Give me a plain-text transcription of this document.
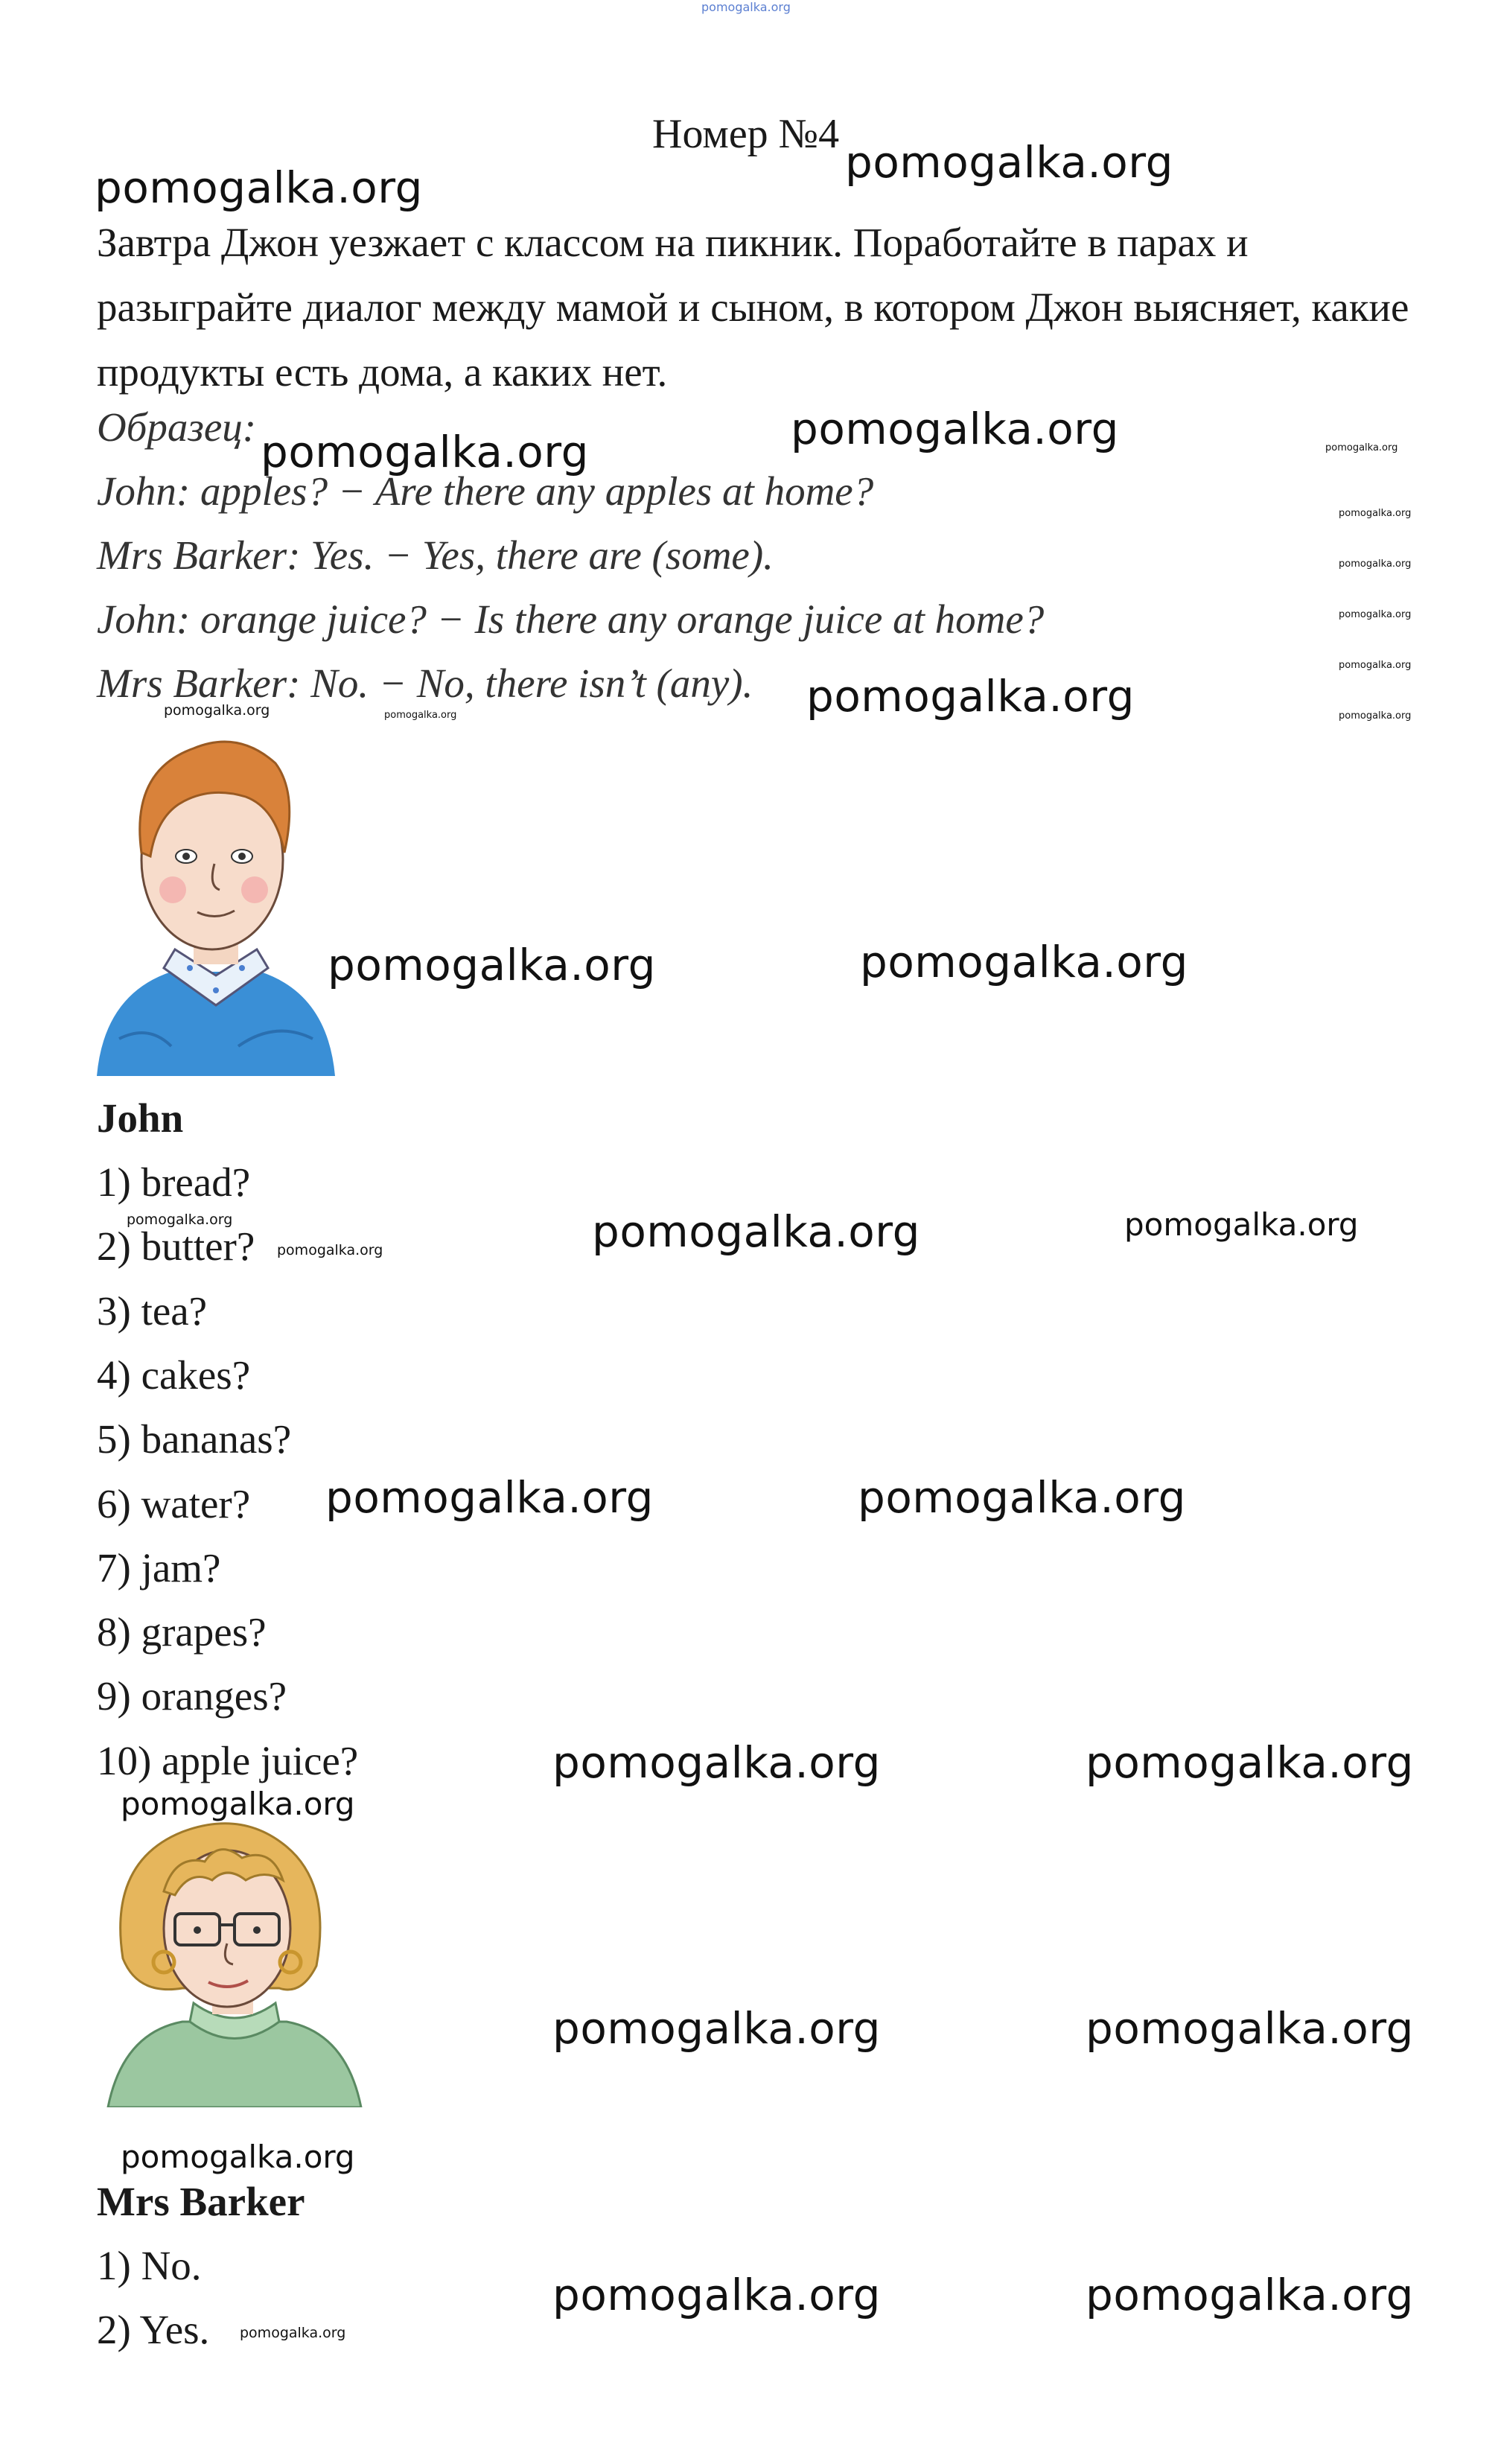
pomogalka.org
Номер №4

Завтра Джон уезжает с классом на пикник. Поработайте в парах и разыграйте диалог между мамой и сыном, в котором Джон выясняет, какие продукты есть дома, а каких нет.

Образец:
John: apples? − Are there any apples at home?
Mrs Barker: Yes. − Yes, there are (some).
John: orange juice? − Is there any orange juice at home?
Mrs Barker: No. − No, there isn’t (any).
John
1) bread?
2) butter?
3) tea?
4) cakes?
5) bananas?
6) water?
7) jam?
8) grapes?
9) oranges?
10) apple juice?
Mrs Barker
1) No.
2) Yes.
pomogalka.org	pomogalka.org
pomogalka.org	pomogalka.org
pomogalka.org
pomogalka.org	pomogalka.org
pomogalka.org
pomogalka.org	pomogalka.org
pomogalka.org	pomogalka.org
pomogalka.org	pomogalka.org
pomogalka.org	pomogalka.org
pomogalka.org
pomogalka.org
pomogalka.org
pomogalka.org
pomogalka.org
pomogalka.org
pomogalka.org
pomogalka.org
pomogalka.org
pomogalka.org
pomogalka.org
pomogalka.org
pomogalka.org
pomogalka.org
